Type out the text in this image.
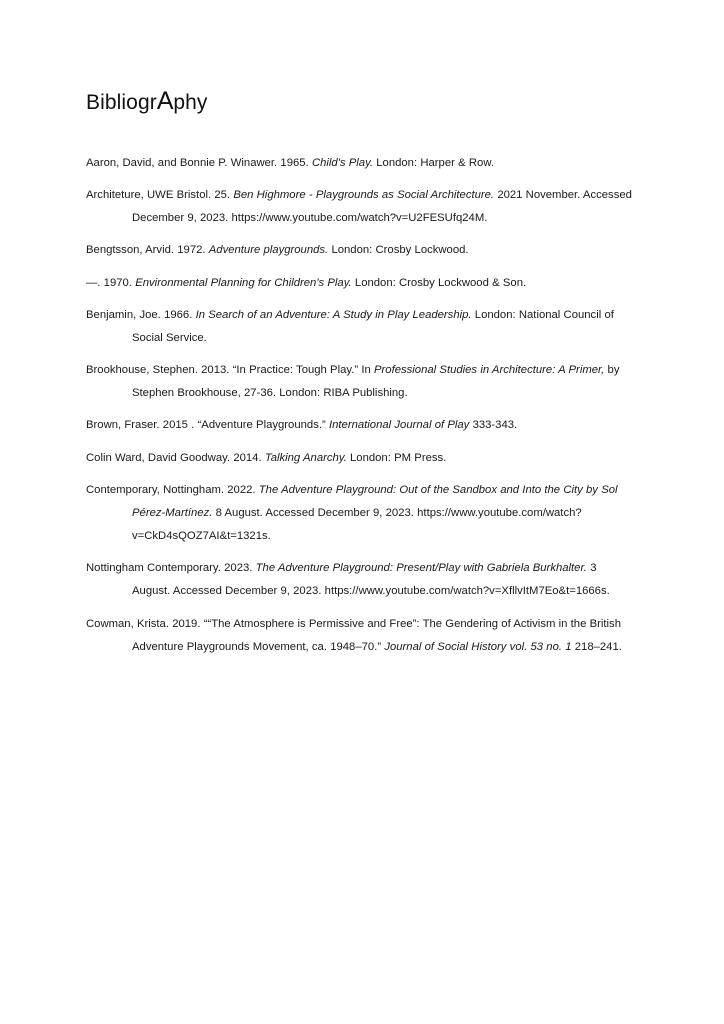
BibliogrAphy

Aaron, David, and Bonnie P. Winawer. 1965. Child's Play. London: Harper & Row.

Architeture, UWE Bristol. 25. Ben Highmore - Playgrounds as Social Architecture. 2021 November. Accessed December 9, 2023. https://www.youtube.com/watch?v=U2FESUfq24M.

Bengtsson, Arvid. 1972. Adventure playgrounds. London: Crosby Lockwood.

—. 1970. Environmental Planning for Children's Play. London: Crosby Lockwood & Son.

Benjamin, Joe. 1966. In Search of an Adventure: A Study in Play Leadership. London: National Council of Social Service.

Brookhouse, Stephen. 2013. “In Practice: Tough Play.” In Professional Studies in Architecture: A Primer, by Stephen Brookhouse, 27-36. London: RIBA Publishing.

Brown, Fraser. 2015 . “Adventure Playgrounds.” International Journal of Play 333-343.

Colin Ward, David Goodway. 2014. Talking Anarchy. London: PM Press.

Contemporary, Nottingham. 2022. The Adventure Playground: Out of the Sandbox and Into the City by Sol Pérez-Martínez. 8 August. Accessed December 9, 2023. https://www.youtube.com/watch?v=CkD4sQOZ7AI&t=1321s.

Nottingham Contemporary. 2023. The Adventure Playground: Present/Play with Gabriela Burkhalter. 3 August. Accessed December 9, 2023. https://www.youtube.com/watch?v=XfllvItM7Eo&t=1666s.

Cowman, Krista. 2019. ““The Atmosphere is Permissive and Free”: The Gendering of Activism in the British Adventure Playgrounds Movement, ca. 1948–70.” Journal of Social History vol. 53 no. 1 218–241.
